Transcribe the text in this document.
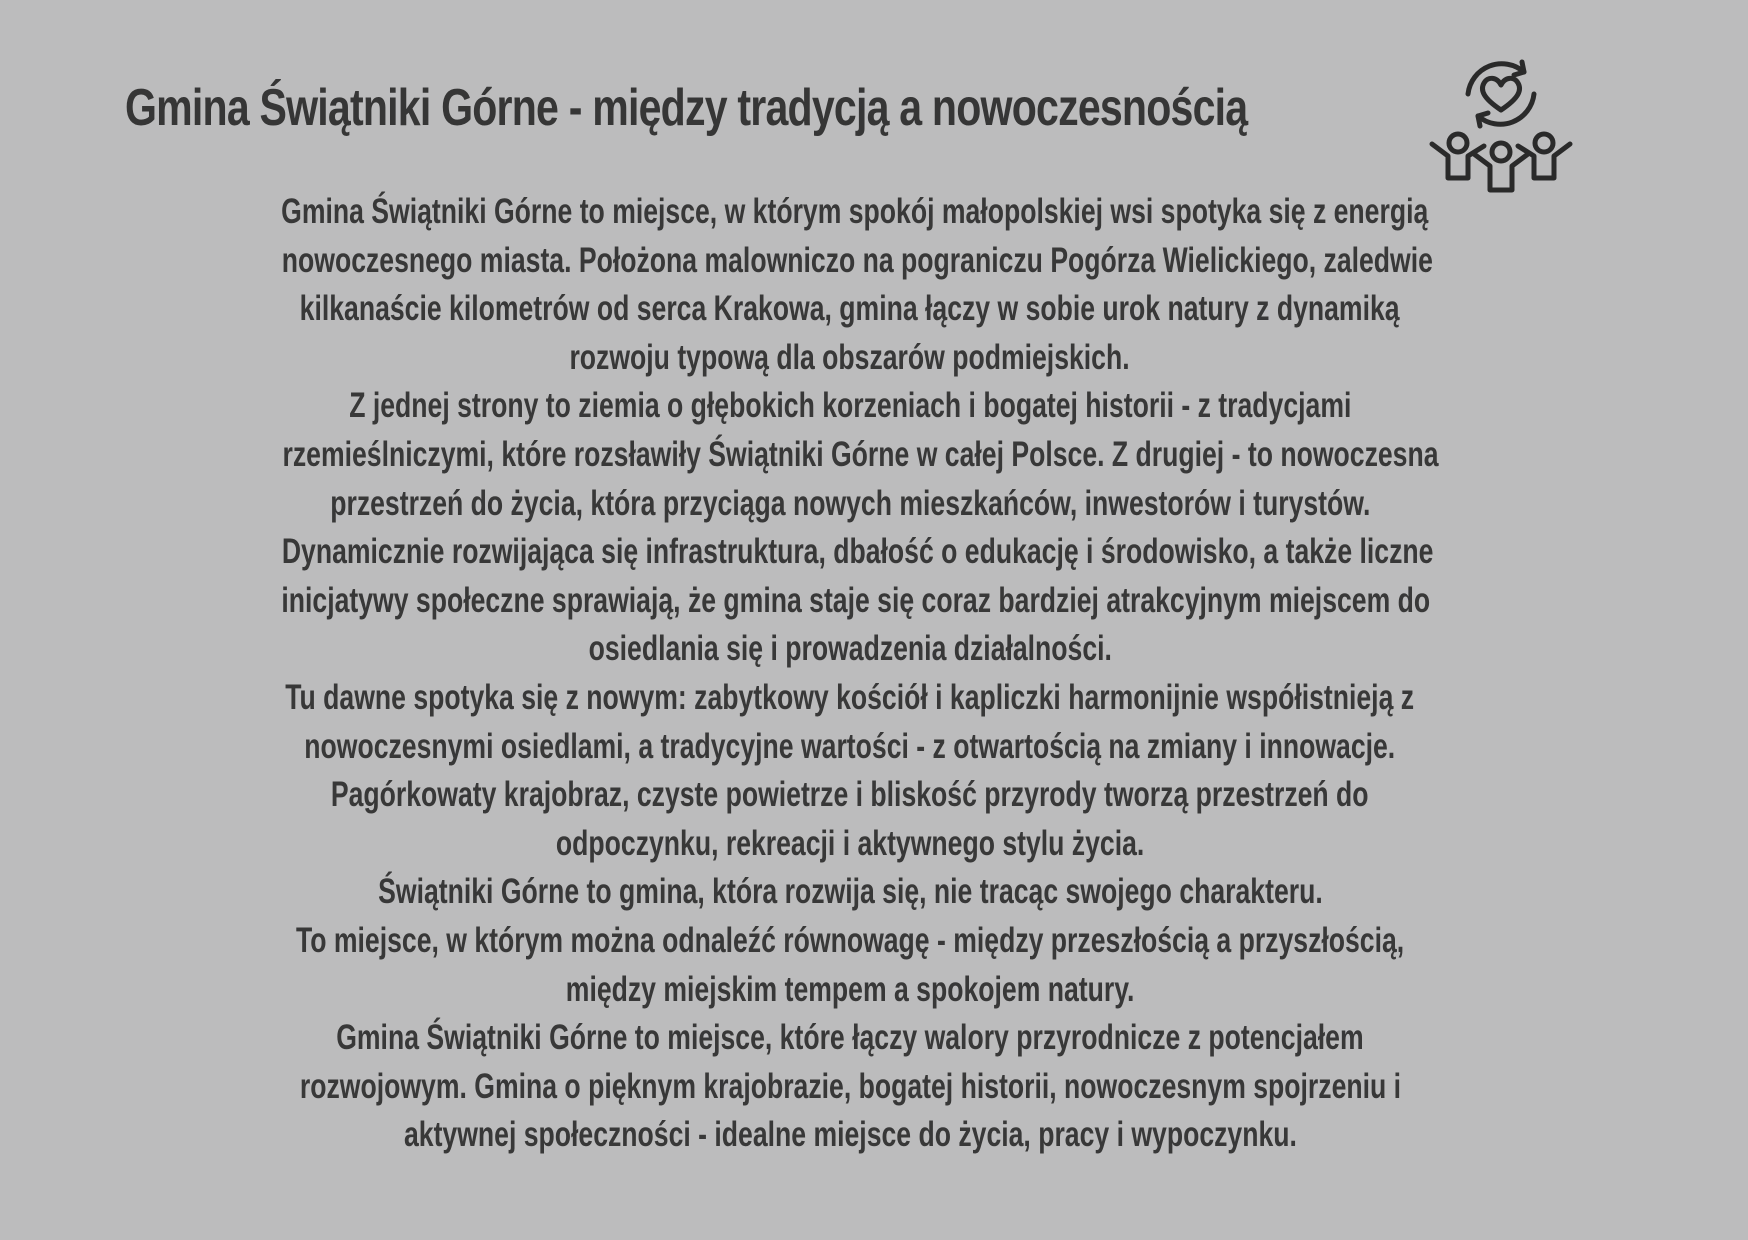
Gmina Świątniki Górne - między tradycją a nowoczesnością

Gmina Świątniki Górne to miejsce, w którym spokój małopolskiej wsi spotyka się z energią

nowoczesnego miasta. Położona malowniczo na pograniczu Pogórza Wielickiego, zaledwie

kilkanaście kilometrów od serca Krakowa, gmina łączy w sobie urok natury z dynamiką

rozwoju typową dla obszarów podmiejskich.

Z jednej strony to ziemia o głębokich korzeniach i bogatej historii - z tradycjami

rzemieślniczymi, które rozsławiły Świątniki Górne w całej Polsce. Z drugiej - to nowoczesna

przestrzeń do życia, która przyciąga nowych mieszkańców, inwestorów i turystów.

Dynamicznie rozwijająca się infrastruktura, dbałość o edukację i środowisko, a także liczne

inicjatywy społeczne sprawiają, że gmina staje się coraz bardziej atrakcyjnym miejscem do

osiedlania się i prowadzenia działalności.

Tu dawne spotyka się z nowym: zabytkowy kościół i kapliczki harmonijnie współistnieją z

nowoczesnymi osiedlami, a tradycyjne wartości - z otwartością na zmiany i innowacje.

Pagórkowaty krajobraz, czyste powietrze i bliskość przyrody tworzą przestrzeń do

odpoczynku, rekreacji i aktywnego stylu życia.

Świątniki Górne to gmina, która rozwija się, nie tracąc swojego charakteru.

To miejsce, w którym można odnaleźć równowagę - między przeszłością a przyszłością,

między miejskim tempem a spokojem natury.

Gmina Świątniki Górne to miejsce, które łączy walory przyrodnicze z potencjałem

rozwojowym. Gmina o pięknym krajobrazie, bogatej historii, nowoczesnym spojrzeniu i

aktywnej społeczności - idealne miejsce do życia, pracy i wypoczynku.
